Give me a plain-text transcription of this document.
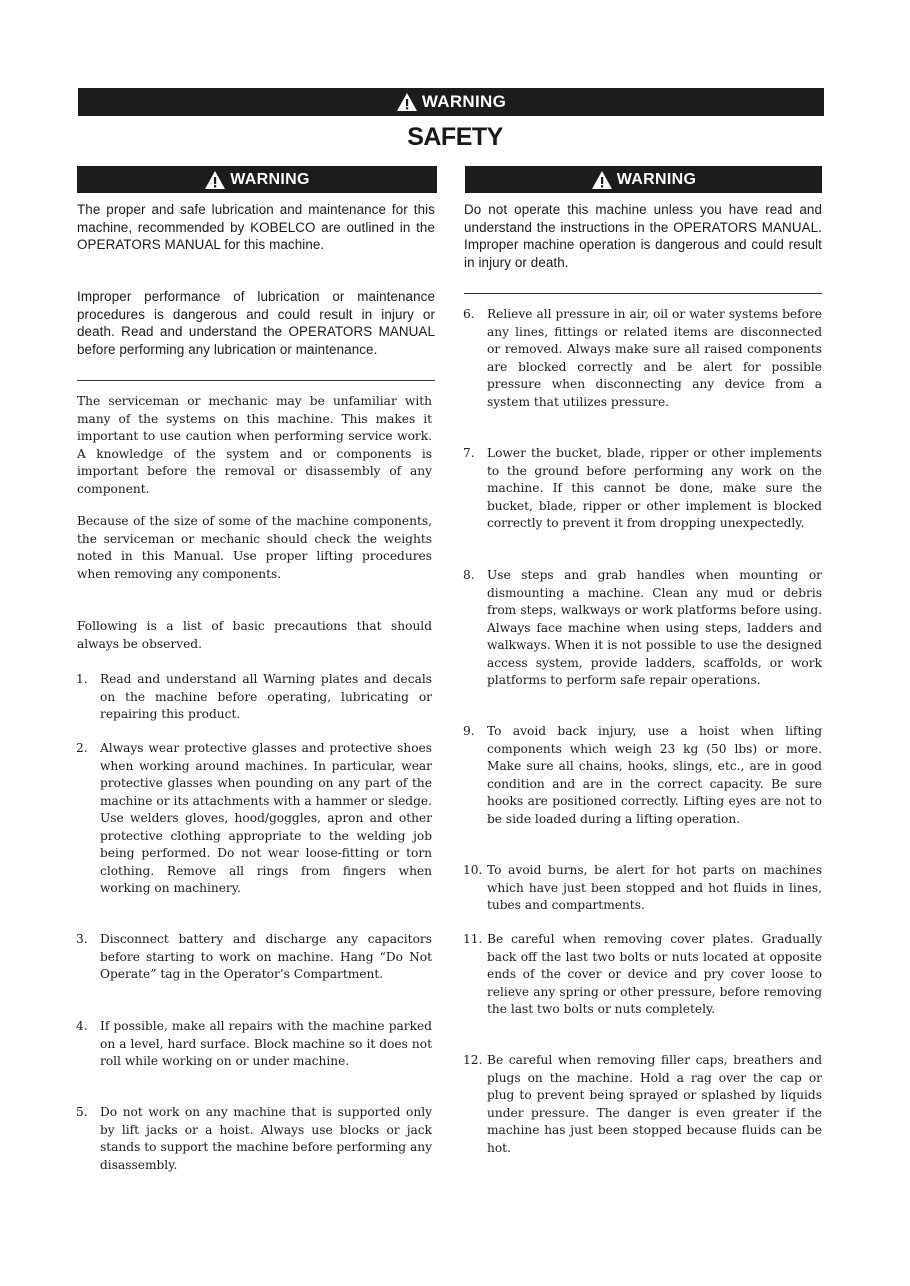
WARNING
SAFETY
WARNING	WARNING

The proper and safe lubrication and maintenance for this machine, recommended by KOBELCO are outlined in the OPERATORS MANUAL for this machine.

Improper performance of lubrication or maintenance procedures is dangerous and could result in injury or death. Read and understand the OPERATORS MANUAL before performing any lubrication or maintenance.

Do not operate this machine unless you have read and understand the instructions in the OPERATORS MANUAL. Improper machine operation is dangerous and could result in injury or death.

The serviceman or mechanic may be unfamiliar with many of the systems on this machine. This makes it important to use caution when performing service work. A knowledge of the system and or components is important before the removal or disassembly of any component.

Because of the size of some of the machine components, the serviceman or mechanic should check the weights noted in this Manual. Use proper lifting procedures when removing any components.

Following is a list of basic precautions that should always be observed.

1.	Read and understand all Warning plates and decals on the machine before operating, lubricating or repairing this product.

2.	Always wear protective glasses and protective shoes when working around machines. In particular, wear protective glasses when pounding on any part of the machine or its attachments with a hammer or sledge. Use welders gloves, hood/goggles, apron and other protective clothing appropriate to the welding job being performed. Do not wear loose-fitting or torn clothing. Remove all rings from fingers when working on machinery.

3.	Disconnect battery and discharge any capacitors before starting to work on machine. Hang “Do Not Operate” tag in the Operator’s Compartment.

4.	If possible, make all repairs with the machine parked on a level, hard surface. Block machine so it does not roll while working on or under machine.

5.	Do not work on any machine that is supported only by lift jacks or a hoist. Always use blocks or jack stands to support the machine before performing any disassembly.

6.	Relieve all pressure in air, oil or water systems before any lines, fittings or related items are disconnected or removed. Always make sure all raised components are blocked correctly and be alert for possible pressure when disconnecting any device from a system that utilizes pressure.

7.	Lower the bucket, blade, ripper or other implements to the ground before performing any work on the machine. If this cannot be done, make sure the bucket, blade, ripper or other implement is blocked correctly to prevent it from dropping unexpectedly.

8.	Use steps and grab handles when mounting or dismounting a machine. Clean any mud or debris from steps, walkways or work platforms before using. Always face machine when using steps, ladders and walkways. When it is not possible to use the designed access system, provide ladders, scaffolds, or work platforms to perform safe repair operations.

9.	To avoid back injury, use a hoist when lifting components which weigh 23 kg (50 lbs) or more. Make sure all chains, hooks, slings, etc., are in good condition and are in the correct capacity. Be sure hooks are positioned correctly. Lifting eyes are not to be side loaded during a lifting operation.

10. To avoid burns, be alert for hot parts on machines which have just been stopped and hot fluids in lines, tubes and compartments.

11. Be careful when removing cover plates. Gradually back off the last two bolts or nuts located at opposite ends of the cover or device and pry cover loose to relieve any spring or other pressure, before removing the last two bolts or nuts completely.

12. Be careful when removing filler caps, breathers and plugs on the machine. Hold a rag over the cap or plug to prevent being sprayed or splashed by liquids under pressure. The danger is even greater if the machine has just been stopped because fluids can be hot.
